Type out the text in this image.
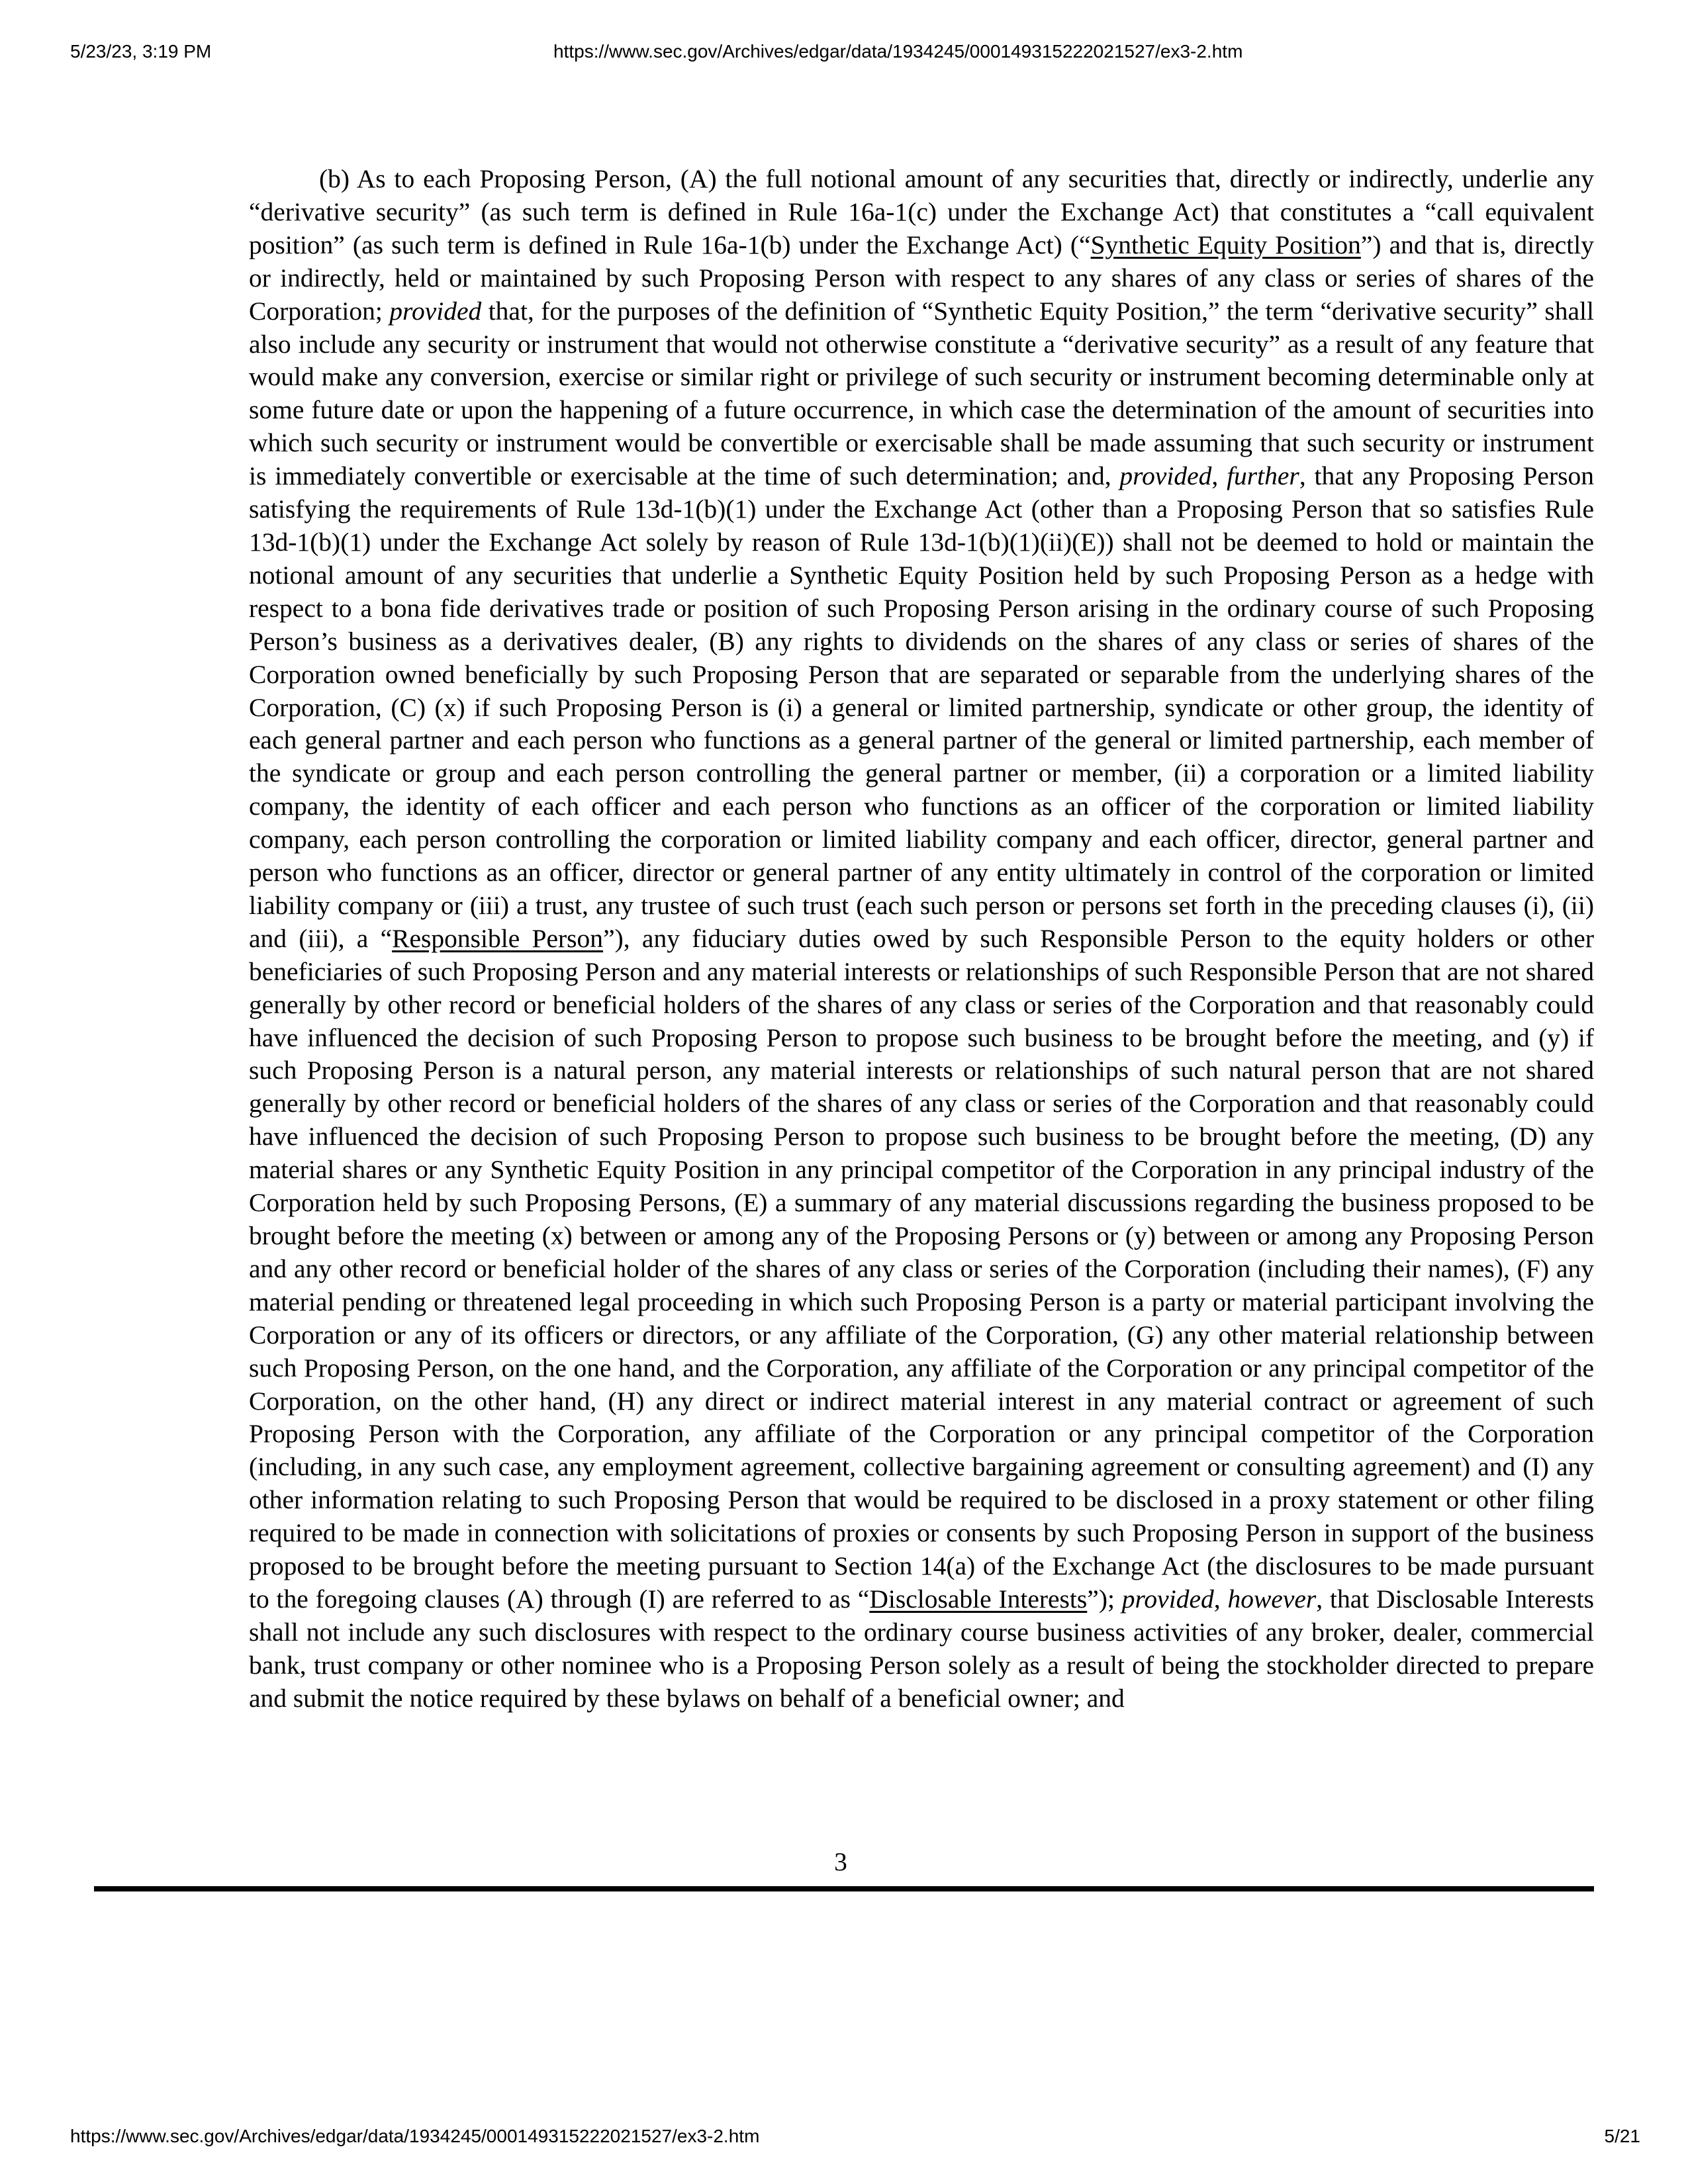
5/23/23, 3:19 PM	https://www.sec.gov/Archives/edgar/data/1934245/000149315222021527/ex3-2.htm

(b) As to each Proposing Person, (A) the full notional amount of any securities that, directly or indirectly, underlie any “derivative security” (as such term is defined in Rule 16a-1(c) under the Exchange Act) that constitutes a “call equivalent position” (as such term is defined in Rule 16a-1(b) under the Exchange Act) (“Synthetic Equity Position”) and that is, directly or indirectly, held or maintained by such Proposing Person with respect to any shares of any class or series of shares of the Corporation; provided that, for the purposes of the definition of “Synthetic Equity Position,” the term “derivative security” shall also include any security or instrument that would not otherwise constitute a “derivative security” as a result of any feature that would make any conversion, exercise or similar right or privilege of such security or instrument becoming determinable only at some future date or upon the happening of a future occurrence, in which case the determination of the amount of securities into which such security or instrument would be convertible or exercisable shall be made assuming that such security or instrument is immediately convertible or exercisable at the time of such determination; and, provided, further, that any Proposing Person satisfying the requirements of Rule 13d-1(b)(1) under the Exchange Act (other than a Proposing Person that so satisfies Rule 13d-1(b)(1) under the Exchange Act solely by reason of Rule 13d-1(b)(1)(ii)(E)) shall not be deemed to hold or maintain the notional amount of any securities that underlie a Synthetic Equity Position held by such Proposing Person as a hedge with respect to a bona fide derivatives trade or position of such Proposing Person arising in the ordinary course of such Proposing Person’s business as a derivatives dealer, (B) any rights to dividends on the shares of any class or series of shares of the Corporation owned beneficially by such Proposing Person that are separated or separable from the underlying shares of the Corporation, (C) (x) if such Proposing Person is (i) a general or limited partnership, syndicate or other group, the identity of each general partner and each person who functions as a general partner of the general or limited partnership, each member of the syndicate or group and each person controlling the general partner or member, (ii) a corporation or a limited liability company, the identity of each officer and each person who functions as an officer of the corporation or limited liability company, each person controlling the corporation or limited liability company and each officer, director, general partner and person who functions as an officer, director or general partner of any entity ultimately in control of the corporation or limited liability company or (iii) a trust, any trustee of such trust (each such person or persons set forth in the preceding clauses (i), (ii) and (iii), a “Responsible Person”), any fiduciary duties owed by such Responsible Person to the equity holders or other beneficiaries of such Proposing Person and any material interests or relationships of such Responsible Person that are not shared generally by other record or beneficial holders of the shares of any class or series of the Corporation and that reasonably could have influenced the decision of such Proposing Person to propose such business to be brought before the meeting, and (y) if such Proposing Person is a natural person, any material interests or relationships of such natural person that are not shared generally by other record or beneficial holders of the shares of any class or series of the Corporation and that reasonably could have influenced the decision of such Proposing Person to propose such business to be brought before the meeting, (D) any material shares or any Synthetic Equity Position in any principal competitor of the Corporation in any principal industry of the Corporation held by such Proposing Persons, (E) a summary of any material discussions regarding the business proposed to be brought before the meeting (x) between or among any of the Proposing Persons or (y) between or among any Proposing Person and any other record or beneficial holder of the shares of any class or series of the Corporation (including their names), (F) any material pending or threatened legal proceeding in which such Proposing Person is a party or material participant involving the Corporation or any of its officers or directors, or any affiliate of the Corporation, (G) any other material relationship between such Proposing Person, on the one hand, and the Corporation, any affiliate of the Corporation or any principal competitor of the Corporation, on the other hand, (H) any direct or indirect material interest in any material contract or agreement of such Proposing Person with the Corporation, any affiliate of the Corporation or any principal competitor of the Corporation (including, in any such case, any employment agreement, collective bargaining agreement or consulting agreement) and (I) any other information relating to such Proposing Person that would be required to be disclosed in a proxy statement or other filing required to be made in connection with solicitations of proxies or consents by such Proposing Person in support of the business proposed to be brought before the meeting pursuant to Section 14(a) of the Exchange Act (the disclosures to be made pursuant to the foregoing clauses (A) through (I) are referred to as “Disclosable Interests”); provided, however, that Disclosable Interests shall not include any such disclosures with respect to the ordinary course business activities of any broker, dealer, commercial bank, trust company or other nominee who is a Proposing Person solely as a result of being the stockholder directed to prepare and submit the notice required by these bylaws on behalf of a beneficial owner; and

3
https://www.sec.gov/Archives/edgar/data/1934245/000149315222021527/ex3-2.htm	5/21
